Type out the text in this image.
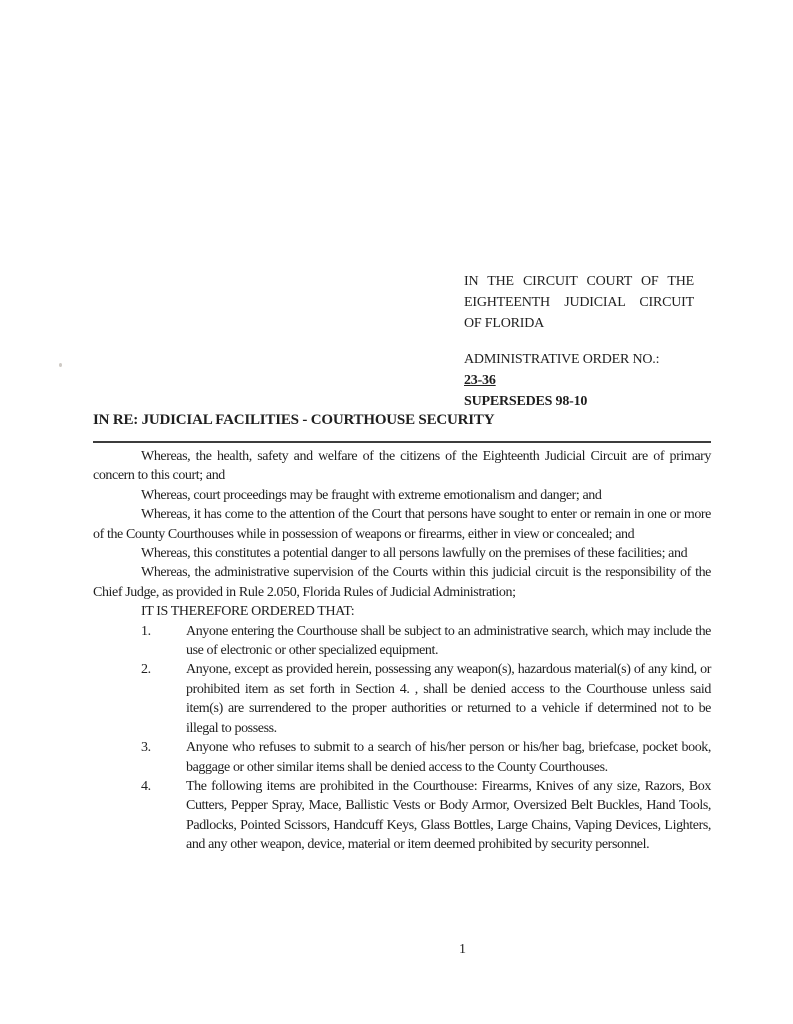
IN THE CIRCUIT COURT OF THE
EIGHTEENTH JUDICIAL CIRCUIT
OF FLORIDA
ADMINISTRATIVE ORDER NO.:
23-36
SUPERSEDES 98-10
IN RE: JUDICIAL FACILITIES - COURTHOUSE SECURITY
Whereas, the health, safety and welfare of the citizens of the Eighteenth Judicial Circuit are of primary concern to this court; and
Whereas, court proceedings may be fraught with extreme emotionalism and danger; and
Whereas, it has come to the attention of the Court that persons have sought to enter or remain in one or more of the County Courthouses while in possession of weapons or firearms, either in view or concealed; and
Whereas, this constitutes a potential danger to all persons lawfully on the premises of these facilities; and
Whereas, the administrative supervision of the Courts within this judicial circuit is the responsibility of the Chief Judge, as provided in Rule 2.050, Florida Rules of Judicial Administration;
IT IS THEREFORE ORDERED THAT:
1.	Anyone entering the Courthouse shall be subject to an administrative search, which may include the use of electronic or other specialized equipment.
2.	Anyone, except as provided herein, possessing any weapon(s), hazardous material(s) of any kind, or prohibited item as set forth in Section 4. , shall be denied access to the Courthouse unless said item(s) are surrendered to the proper authorities or returned to a vehicle if determined not to be illegal to possess.
3.	Anyone who refuses to submit to a search of his/her person or his/her bag, briefcase, pocket book, baggage or other similar items shall be denied access to the County Courthouses.
4.	The following items are prohibited in the Courthouse: Firearms, Knives of any size, Razors, Box Cutters, Pepper Spray, Mace, Ballistic Vests or Body Armor, Oversized Belt Buckles, Hand Tools, Padlocks, Pointed Scissors, Handcuff Keys, Glass Bottles, Large Chains, Vaping Devices, Lighters, and any other weapon, device, material or item deemed prohibited by security personnel.
1
